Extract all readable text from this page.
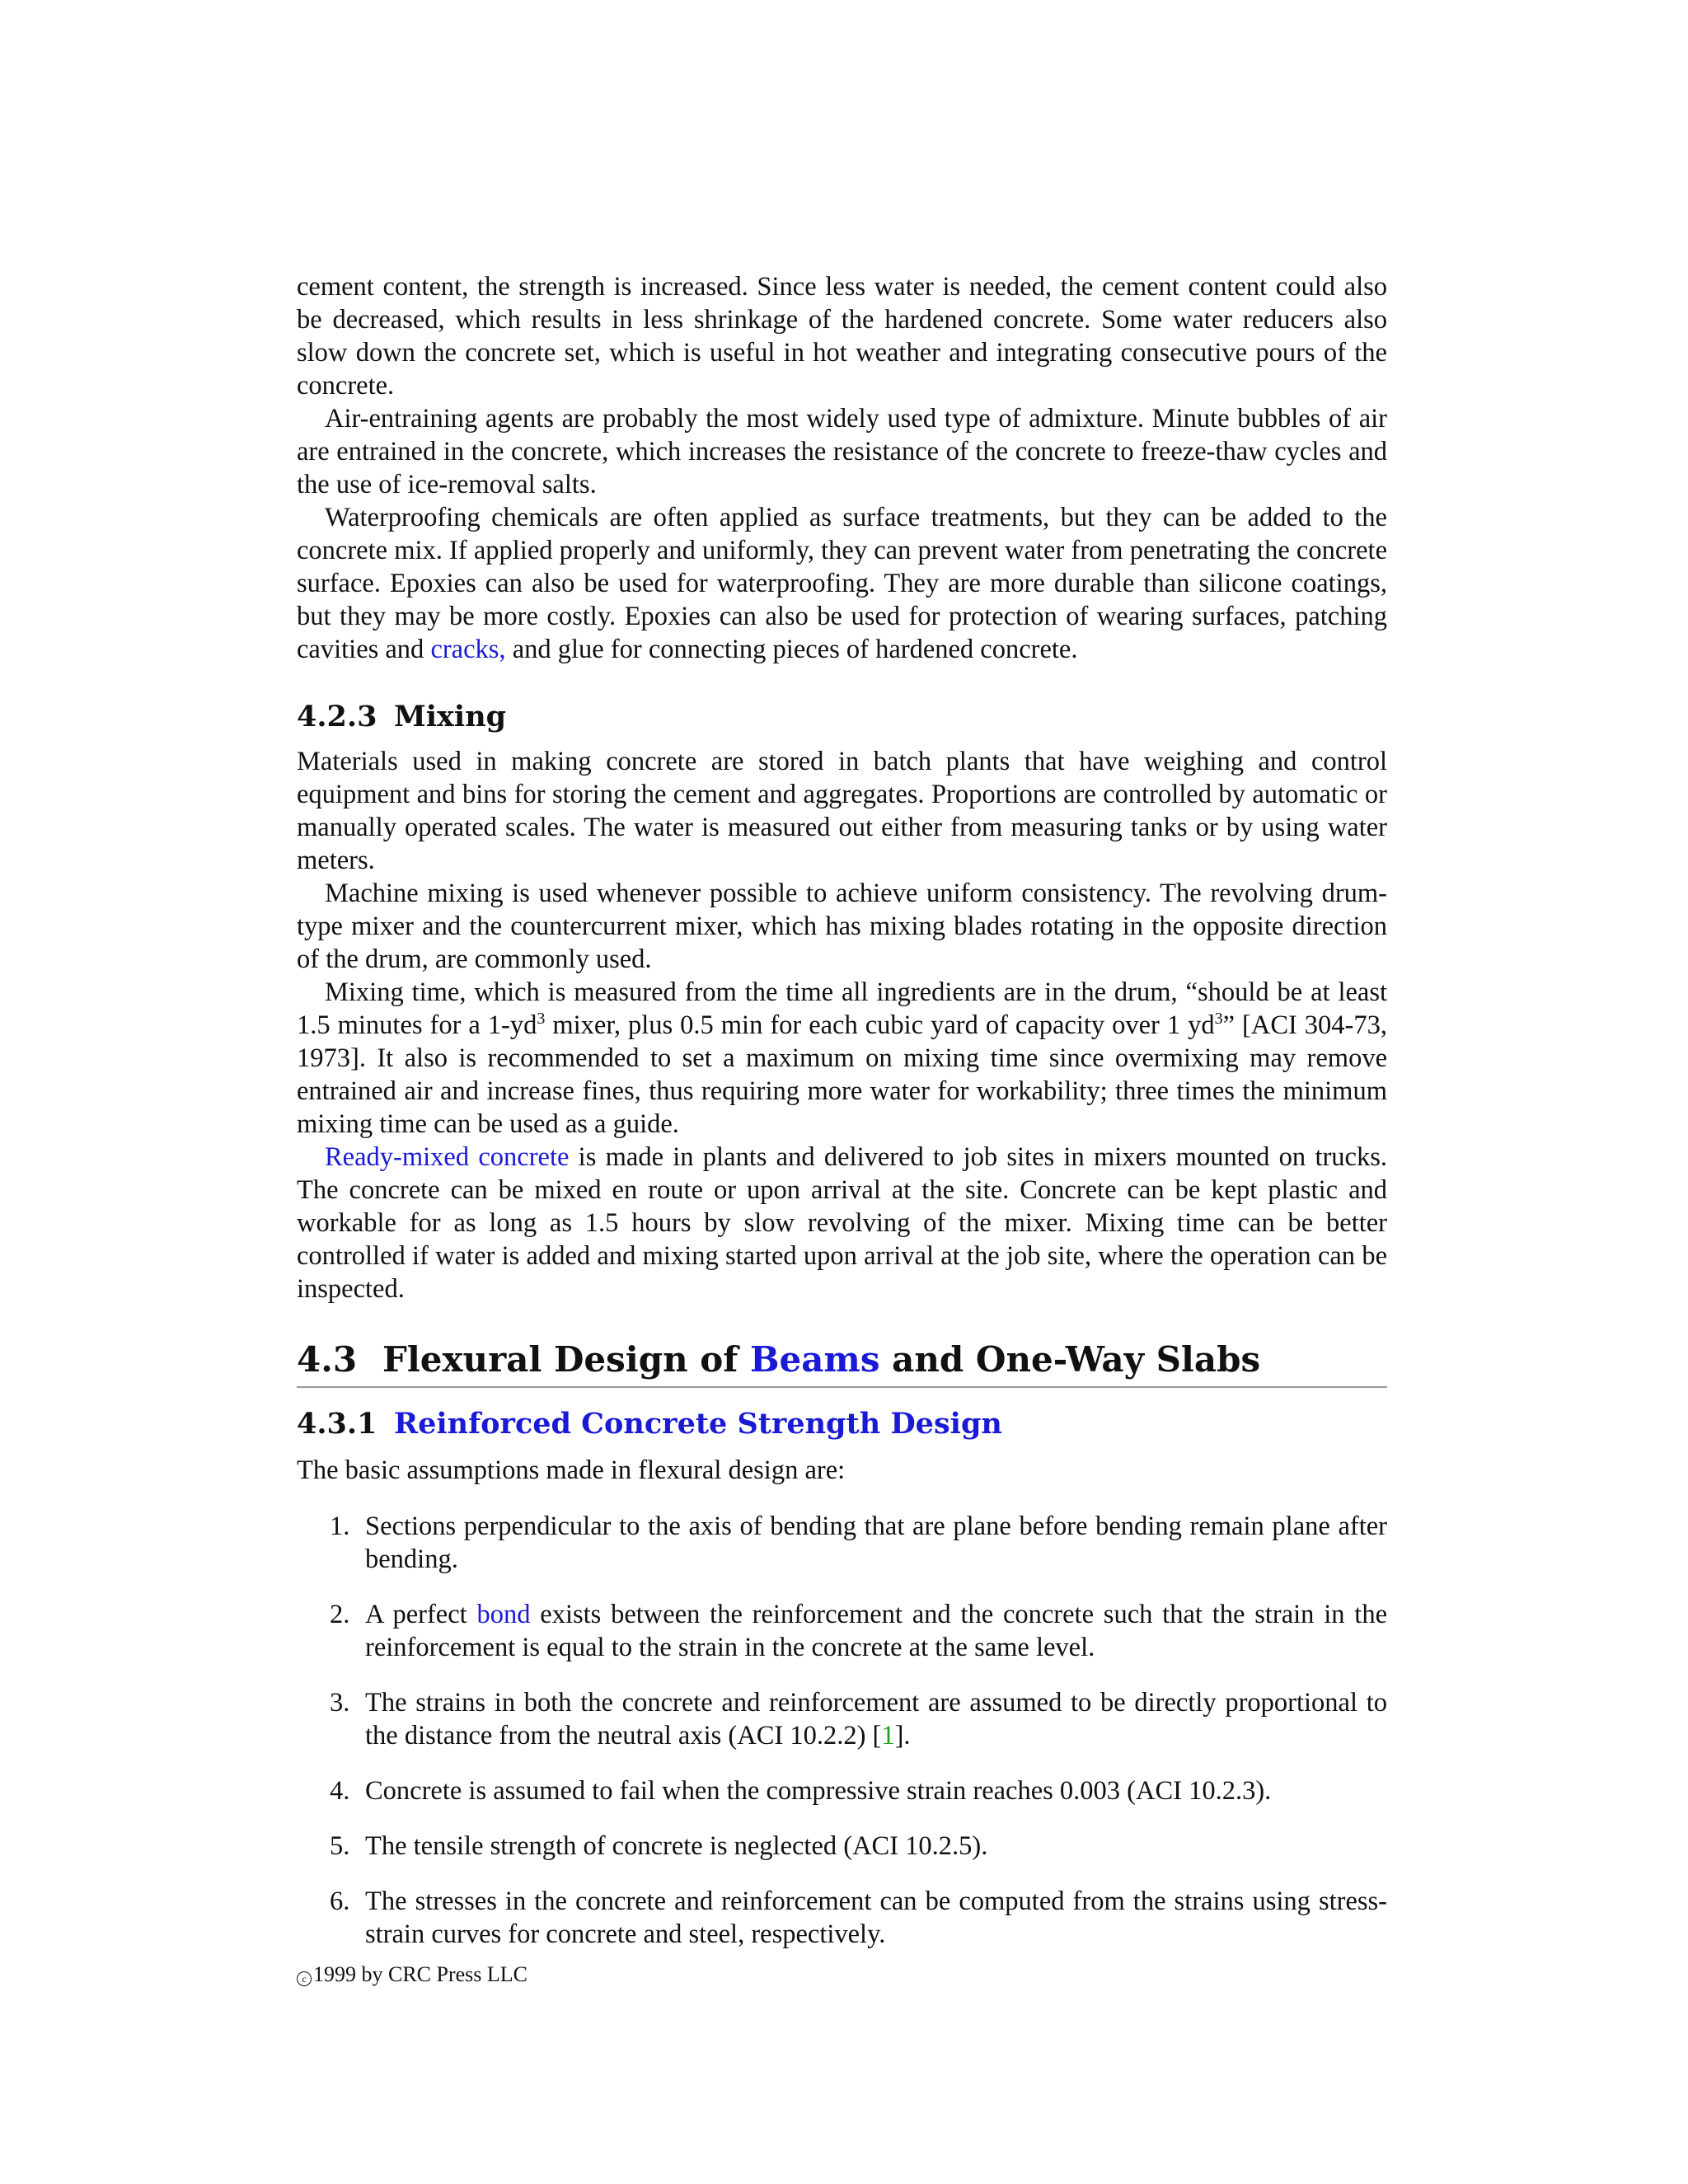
cement content, the strength is increased. Since less water is needed, the cement content could also be decreased, which results in less shrinkage of the hardened concrete. Some water reducers also slow down the concrete set, which is useful in hot weather and integrating consecutive pours of the concrete.

Air-entraining agents are probably the most widely used type of admixture. Minute bubbles of air are entrained in the concrete, which increases the resistance of the concrete to freeze-thaw cycles and the use of ice-removal salts.

Waterproofing chemicals are often applied as surface treatments, but they can be added to the concrete mix. If applied properly and uniformly, they can prevent water from penetrating the concrete surface. Epoxies can also be used for waterproofing. They are more durable than silicone coatings, but they may be more costly. Epoxies can also be used for protection of wearing surfaces, patching cavities and cracks, and glue for connecting pieces of hardened concrete.

4.2.3 Mixing

Materials used in making concrete are stored in batch plants that have weighing and control equipment and bins for storing the cement and aggregates. Proportions are controlled by automatic or manually operated scales. The water is measured out either from measuring tanks or by using water meters.

Machine mixing is used whenever possible to achieve uniform consistency. The revolving drum-type mixer and the countercurrent mixer, which has mixing blades rotating in the opposite direction of the drum, are commonly used.

Mixing time, which is measured from the time all ingredients are in the drum, “should be at least 1.5 minutes for a $1-yd^3$ mixer, plus 0.5 min for each cubic yard of capacity over 1 $yd^3$” [ACI 304-73, 1973]. It also is recommended to set a maximum on mixing time since overmixing may remove entrained air and increase fines, thus requiring more water for workability; three times the minimum mixing time can be used as a guide.

Ready-mixed concrete is made in plants and delivered to job sites in mixers mounted on trucks. The concrete can be mixed en route or upon arrival at the site. Concrete can be kept plastic and workable for as long as 1.5 hours by slow revolving of the mixer. Mixing time can be better controlled if water is added and mixing started upon arrival at the job site, where the operation can be inspected.

4.3 Flexural Design of Beams and One-Way Slabs
4.3.1 Reinforced Concrete Strength Design

The basic assumptions made in flexural design are:

1. Sections perpendicular to the axis of bending that are plane before bending remain plane after bending.
2. A perfect bond exists between the reinforcement and the concrete such that the strain in the reinforcement is equal to the strain in the concrete at the same level.
3. The strains in both the concrete and reinforcement are assumed to be directly proportional to the distance from the neutral axis (ACI 10.2.2) [1].
4. Concrete is assumed to fail when the compressive strain reaches 0.003 (ACI 10.2.3).
5. The tensile strength of concrete is neglected (ACI 10.2.5).
6. The stresses in the concrete and reinforcement can be computed from the strains using stress-strain curves for concrete and steel, respectively.
c 1999 by CRC Press LLC
